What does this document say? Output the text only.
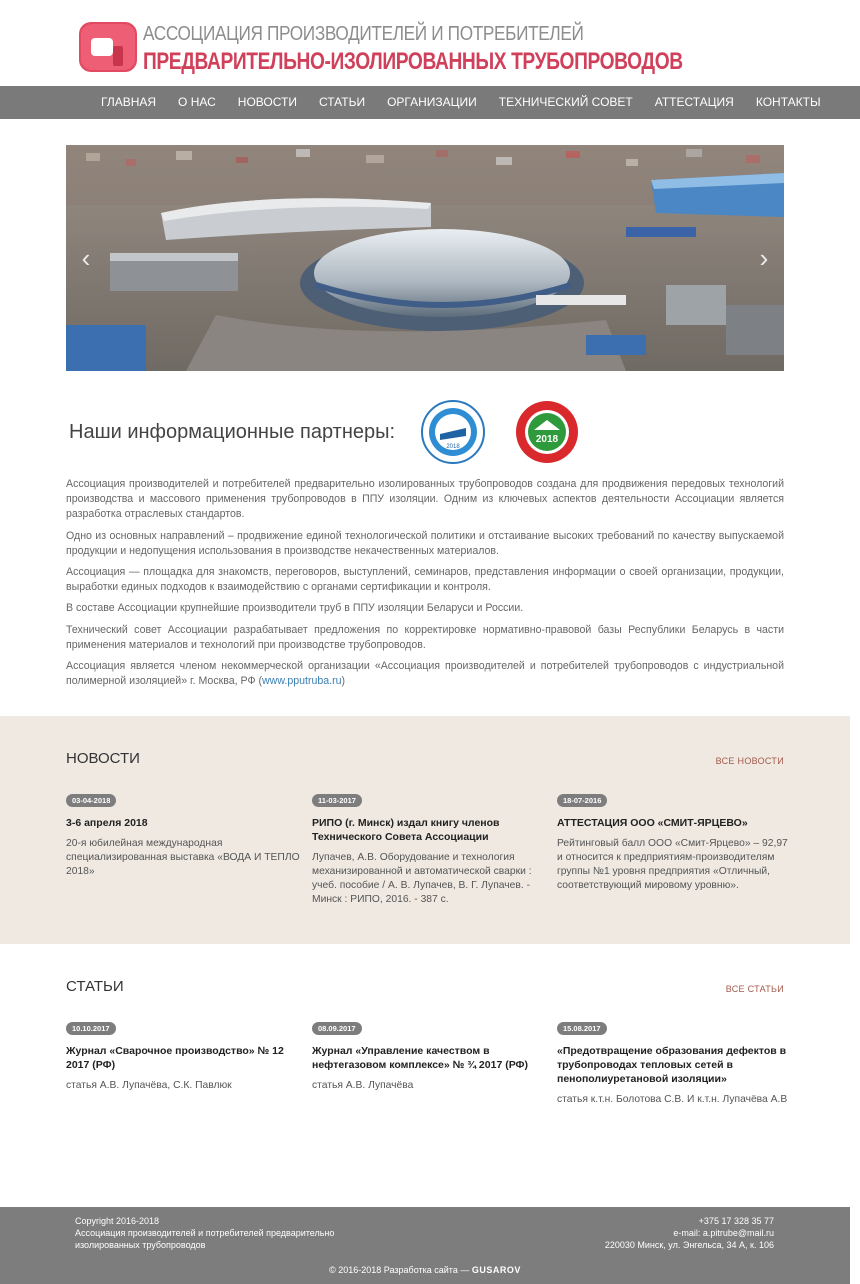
АССОЦИАЦИЯ ПРОИЗВОДИТЕЛЕЙ И ПОТРЕБИТЕЛЕЙ
ПРЕДВАРИТЕЛЬНО-ИЗОЛИРОВАННЫХ ТРУБОПРОВОДОВ
ГЛАВНАЯ	О НАС	НОВОСТИ	СТАТЬИ	ОРГАНИЗАЦИИ	ТЕХНИЧЕСКИЙ СОВЕТ	АТТЕСТАЦИЯ	КОНТАКТЫ
‹	›
Наши информационные партнеры:
2018
2018

Ассоциация производителей и потребителей предварительно изолированных трубопроводов создана для продвижения передовых технологий производства и массового применения трубопроводов в ППУ изоляции. Одним из ключевых аспектов деятельности Ассоциации является разработка отраслевых стандартов.

Одно из основных направлений – продвижение единой технологической политики и отстаивание высоких требований по качеству выпускаемой продукции и недопущения использования в производстве некачественных материалов.

Ассоциация — площадка для знакомств, переговоров, выступлений, семинаров, представления информации о своей организации, продукции, выработки единых подходов к взаимодействию с органами сертификации и контроля.

В составе Ассоциации крупнейшие производители труб в ППУ изоляции Беларуси и России.

Технический совет Ассоциации разрабатывает предложения по корректировке нормативно-правовой базы Республики Беларусь в части применения материалов и технологий при производстве трубопроводов.

Ассоциация является членом некоммерческой организации «Ассоциация производителей и потребителей трубопроводов с индустриальной полимерной изоляцией» г. Москва, РФ (www.pputruba.ru)

НОВОСТИ	ВСЕ НОВОСТИ
03-04-2018
3-6 апреля 2018
20-я юбилейная международная специализированная выставка «ВОДА И ТЕПЛО 2018»
11-03-2017
РИПО (г. Минск) издал книгу членов Технического Совета Ассоциации
Лупачев, А.В. Оборудование и технология механизированной и автоматической сварки : учеб. пособие / А. В. Лупачев, В. Г. Лупачев. - Минск : РИПО, 2016. - 387 с.
18-07-2016
АТТЕСТАЦИЯ ООО «СМИТ-ЯРЦЕВО»
Рейтинговый балл ООО «Смит-Ярцево» – 92,97 и относится к предприятиям-производителям группы №1 уровня предприятия «Отличный, соответствующий мировому уровню».
СТАТЬИ	ВСЕ СТАТЬИ
10.10.2017
Журнал «Сварочное производство» № 12 2017 (РФ)
статья А.В. Лупачёва, С.К. Павлюк
08.09.2017
Журнал «Управление качеством в нефтегазовом комплексе» № ¾ 2017 (РФ)
статья А.В. Лупачёва
15.08.2017
«Предотвращение образования дефектов в трубопроводах тепловых сетей в пенополиуретановой изоляции»
статья к.т.н. Болотова С.В. И к.т.н. Лупачёва А.В
Copyright 2016-2018
Ассоциация производителей и потребителей предварительно изолированных трубопроводов
+375 17 328 35 77
e-mail: a.pitrube@mail.ru
220030 Минск, ул. Энгельса, 34 А, к. 106
© 2016-2018 Разработка сайта — GUSAROV
